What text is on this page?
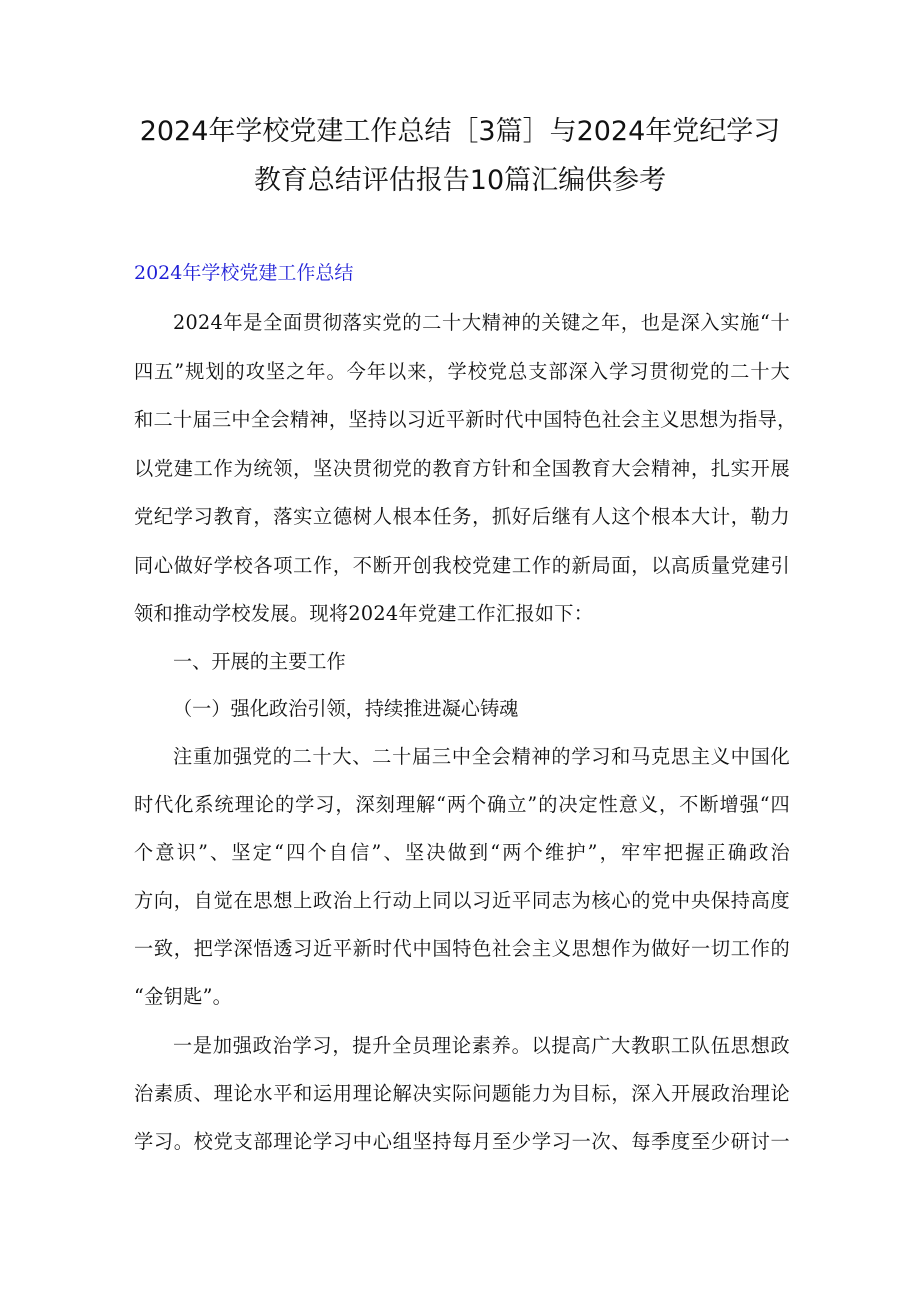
2024年学校党建工作总结［3篇］与2024年党纪学习
教育总结评估报告10篇汇编供参考
2024年学校党建工作总结
2024年是全面贯彻落实党的二十大精神的关键之年，也是深入实施“十
四五”规划的攻坚之年。今年以来，学校党总支部深入学习贯彻党的二十大
和二十届三中全会精神，坚持以习近平新时代中国特色社会主义思想为指导，
以党建工作为统领，坚决贯彻党的教育方针和全国教育大会精神，扎实开展
党纪学习教育，落实立德树人根本任务，抓好后继有人这个根本大计，勒力
同心做好学校各项工作，不断开创我校党建工作的新局面，以高质量党建引
领和推动学校发展。现将2024年党建工作汇报如下：
一、开展的主要工作
（一）强化政治引领，持续推进凝心铸魂
注重加强党的二十大、二十届三中全会精神的学习和马克思主义中国化
时代化系统理论的学习，深刻理解“两个确立”的决定性意义，不断增强“四
个意识”、坚定“四个自信”、坚决做到“两个维护”，牢牢把握正确政治
方向，自觉在思想上政治上行动上同以习近平同志为核心的党中央保持高度
一致，把学深悟透习近平新时代中国特色社会主义思想作为做好一切工作的
“金钥匙”。
一是加强政治学习，提升全员理论素养。以提高广大教职工队伍思想政
治素质、理论水平和运用理论解决实际问题能力为目标，深入开展政治理论
学习。校党支部理论学习中心组坚持每月至少学习一次、每季度至少研讨一
